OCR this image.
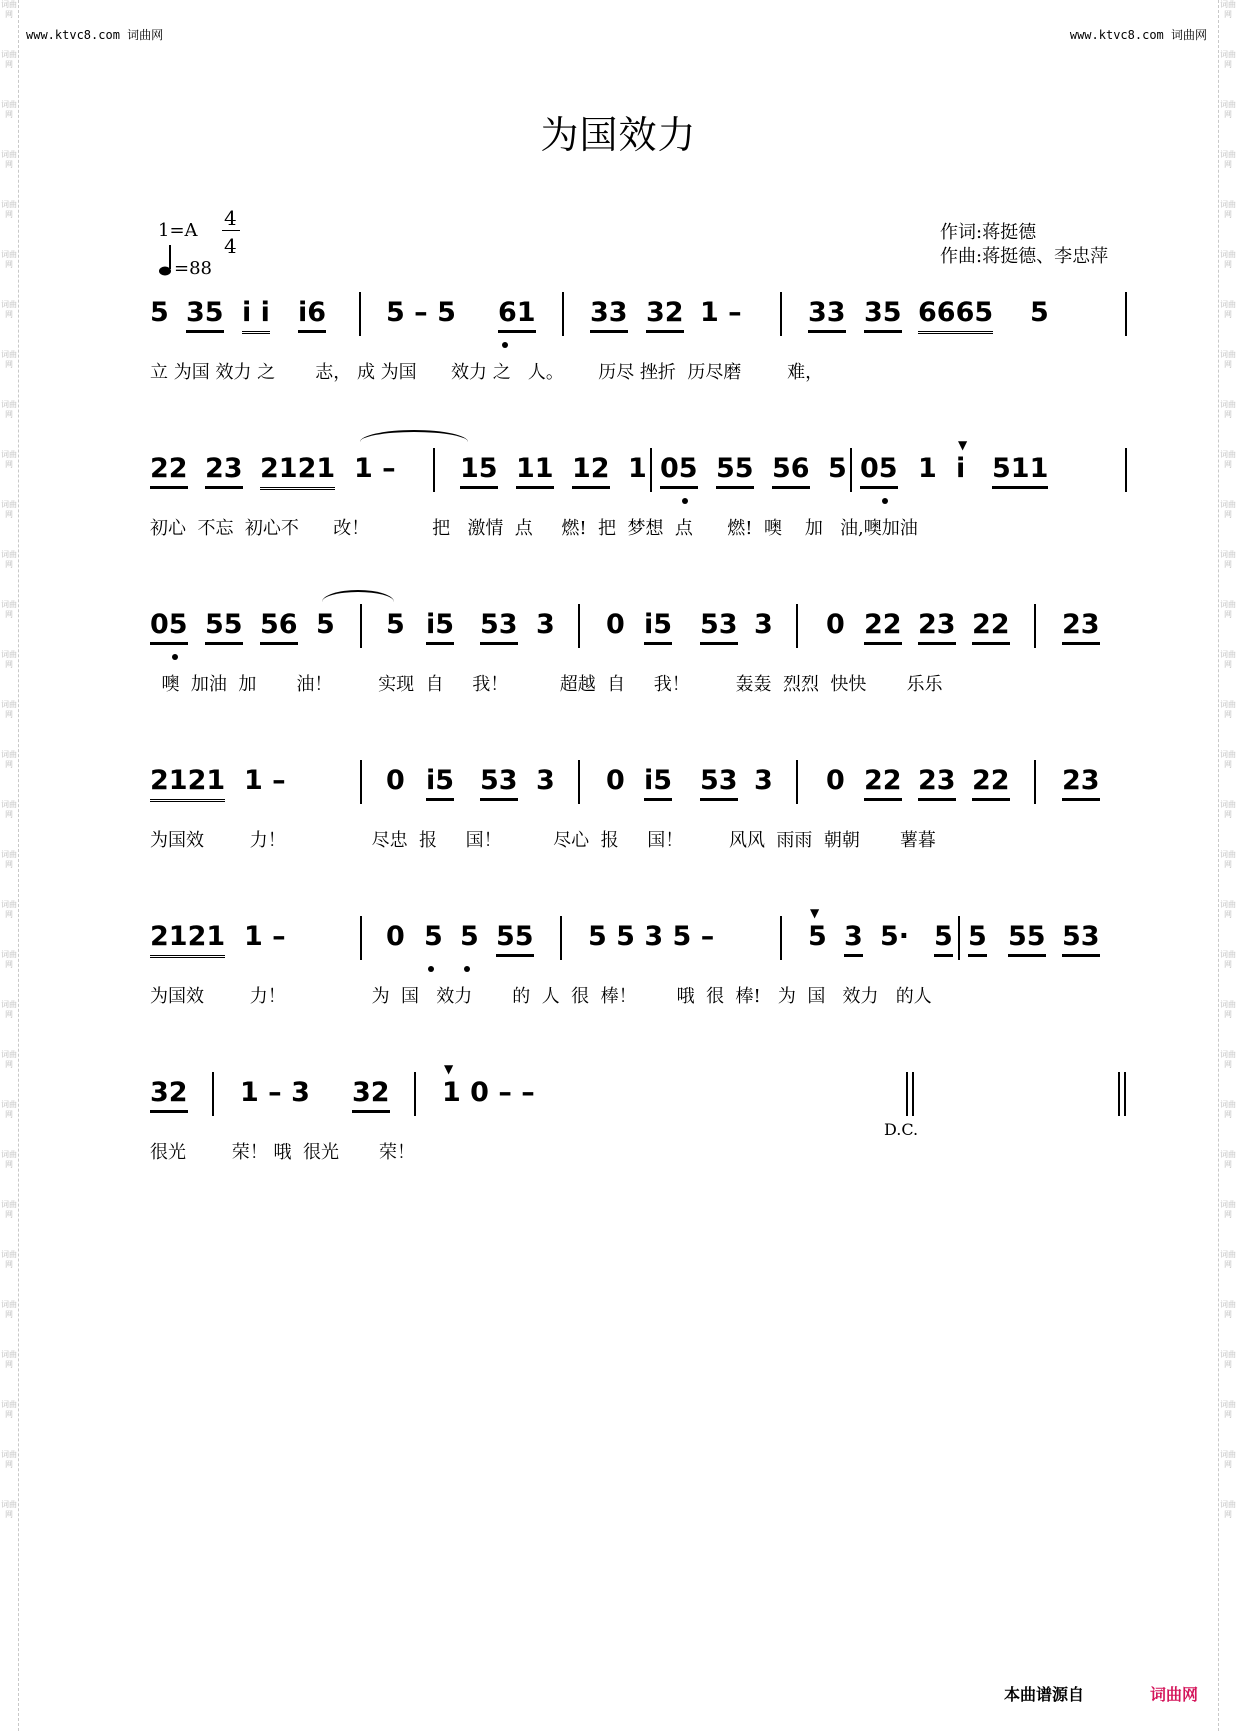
词曲网
词曲网
词曲网
词曲网
词曲网
词曲网
词曲网
词曲网
词曲网
词曲网
词曲网
词曲网
词曲网
词曲网
词曲网
词曲网
词曲网
词曲网
词曲网
词曲网
词曲网
词曲网
词曲网
词曲网
词曲网
词曲网
词曲网
词曲网
词曲网
词曲网
词曲网
词曲网
词曲网
词曲网
词曲网
词曲网
词曲网
词曲网
词曲网
词曲网
词曲网
词曲网
词曲网
词曲网
词曲网
词曲网
词曲网
词曲网
词曲网
词曲网
词曲网
词曲网
词曲网
词曲网
词曲网
词曲网
词曲网
词曲网
词曲网
词曲网
词曲网
词曲网
www.ktvc8.com 词曲网	www.ktvc8.com 词曲网
为国效力
1=A
4
4
=88
作词:蒋挺德
作曲:蒋挺德、李忠萍
5 35 i i i6 5 – 5 61 33 32 1 – 33 35 6665 5
立 为国 效力 之       志， 成 为国      效力 之   人。      历尽 挫折  历尽磨        难，
22 23 2121 1 – 15 11 12 1 05 55 56 5 05 1 i
▼
511
初心  不忘  初心不      改！           把   激情  点     燃!  把  梦想  点      燃!  噢    加   油,噢加油
05 55 56 5 5 i5 53 3 0 i5 53 3 0 22 23 22 23
噢  加油  加       油！        实现  自     我！         超越  自     我！        轰轰  烈烈  快快       乐乐
2121 1 –	0 i5 53 3 0 i5 53 3 0 22 23 22 23
为国效        力！               尽忠  报     国！         尽心  报     国！        风风  雨雨  朝朝       薯暮
2121 1 –	0 5 5 55 5 5 3 5 –	5
▼
3 5· 5 5 55 53
为国效        力！               为  国   效力       的  人  很  棒！       哦  很  棒!   为  国   效力   的人
32 1 – 3 32 1 0 – –
▼
很光        荣！ 哦  很光       荣！
D.C.
本曲谱源自	词曲网
